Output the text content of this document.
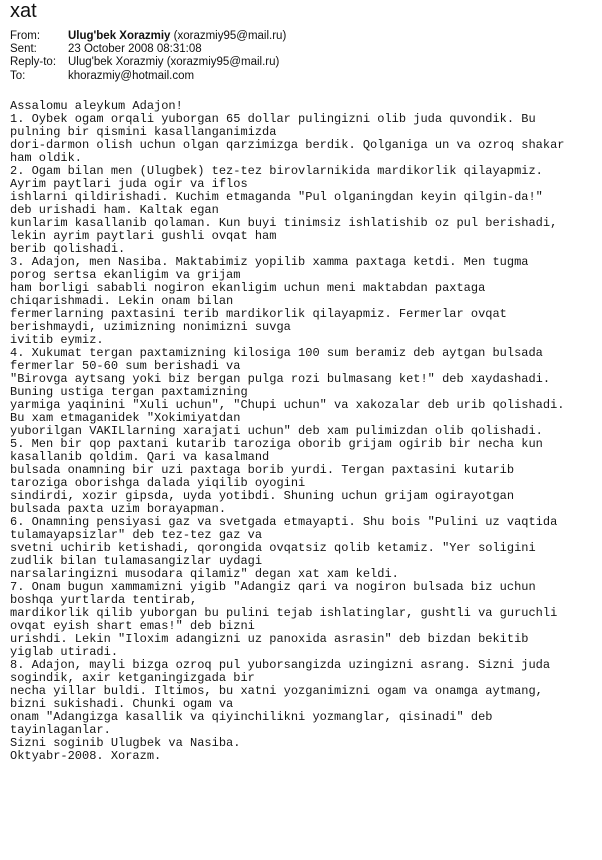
xat

From:

Ulug'bek Xorazmiy (xorazmiy95@mail.ru)

Sent:

	23 October 2008 08:31:08

Reply-to:

Ulug'bek Xorazmiy (xorazmiy95@mail.ru)

To:

	khorazmiy@hotmail.com

Assalomu aleykum Adajon!
1. Oybek ogam orqali yuborgan 65 dollar pulingizni olib juda quvondik. Bu
pulning bir qismini kasallanganimizda
dori-darmon olish uchun olgan qarzimizga berdik. Qolganiga un va ozroq shakar
ham oldik.
2. Ogam bilan men (Ulugbek) tez-tez birovlarnikida mardikorlik qilayapmiz.
Ayrim paytlari juda ogir va iflos
ishlarni qildirishadi. Kuchim etmaganda "Pul olganingdan keyin qilgin-da!"
deb urishadi ham. Kaltak egan
kunlarim kasallanib qolaman. Kun buyi tinimsiz ishlatishib oz pul berishadi,
lekin ayrim paytlari gushli ovqat ham
berib qolishadi.
3. Adajon, men Nasiba. Maktabimiz yopilib xamma paxtaga ketdi. Men tugma
porog sertsa ekanligim va grijam
ham borligi sababli nogiron ekanligim uchun meni maktabdan paxtaga
chiqarishmadi. Lekin onam bilan
fermerlarning paxtasini terib mardikorlik qilayapmiz. Fermerlar ovqat
berishmaydi, uzimizning nonimizni suvga
ivitib eymiz.
4. Xukumat tergan paxtamizning kilosiga 100 sum beramiz deb aytgan bulsada
fermerlar 50-60 sum berishadi va
"Birovga aytsang yoki biz bergan pulga rozi bulmasang ket!" deb xaydashadi.
Buning ustiga tergan paxtamizning
yarmiga yaqinini "Xuli uchun", "Chupi uchun" va xakozalar deb urib qolishadi.
Bu xam etmaganidek "Xokimiyatdan
yuborilgan VAKILlarning xarajati uchun" deb xam pulimizdan olib qolishadi.
5. Men bir qop paxtani kutarib taroziga oborib grijam ogirib bir necha kun
kasallanib qoldim. Qari va kasalmand
bulsada onamning bir uzi paxtaga borib yurdi. Tergan paxtasini kutarib
taroziga oborishga dalada yiqilib oyogini
sindirdi, xozir gipsda, uyda yotibdi. Shuning uchun grijam ogirayotgan
bulsada paxta uzim borayapman.
6. Onamning pensiyasi gaz va svetgada etmayapti. Shu bois "Pulini uz vaqtida
tulamayapsizlar" deb tez-tez gaz va
svetni uchirib ketishadi, qorongida ovqatsiz qolib ketamiz. "Yer soligini
zudlik bilan tulamasangizlar uydagi
narsalaringizni musodara qilamiz" degan xat xam keldi.
7. Onam bugun xammamizni yigib "Adangiz qari va nogiron bulsada biz uchun
boshqa yurtlarda tentirab,
mardikorlik qilib yuborgan bu pulini tejab ishlatinglar, gushtli va guruchli
ovqat eyish shart emas!" deb bizni
urishdi. Lekin "Iloxim adangizni uz panoxida asrasin" deb bizdan bekitib
yiglab utiradi.
8. Adajon, mayli bizga ozroq pul yuborsangizda uzingizni asrang. Sizni juda
sogindik, axir ketganingizgada bir
necha yillar buldi. Iltimos, bu xatni yozganimizni ogam va onamga aytmang,
bizni sukishadi. Chunki ogam va
onam "Adangizga kasallik va qiyinchilikni yozmanglar, qisinadi" deb
tayinlaganlar.
Sizni soginib Ulugbek va Nasiba.
Oktyabr-2008. Xorazm.
